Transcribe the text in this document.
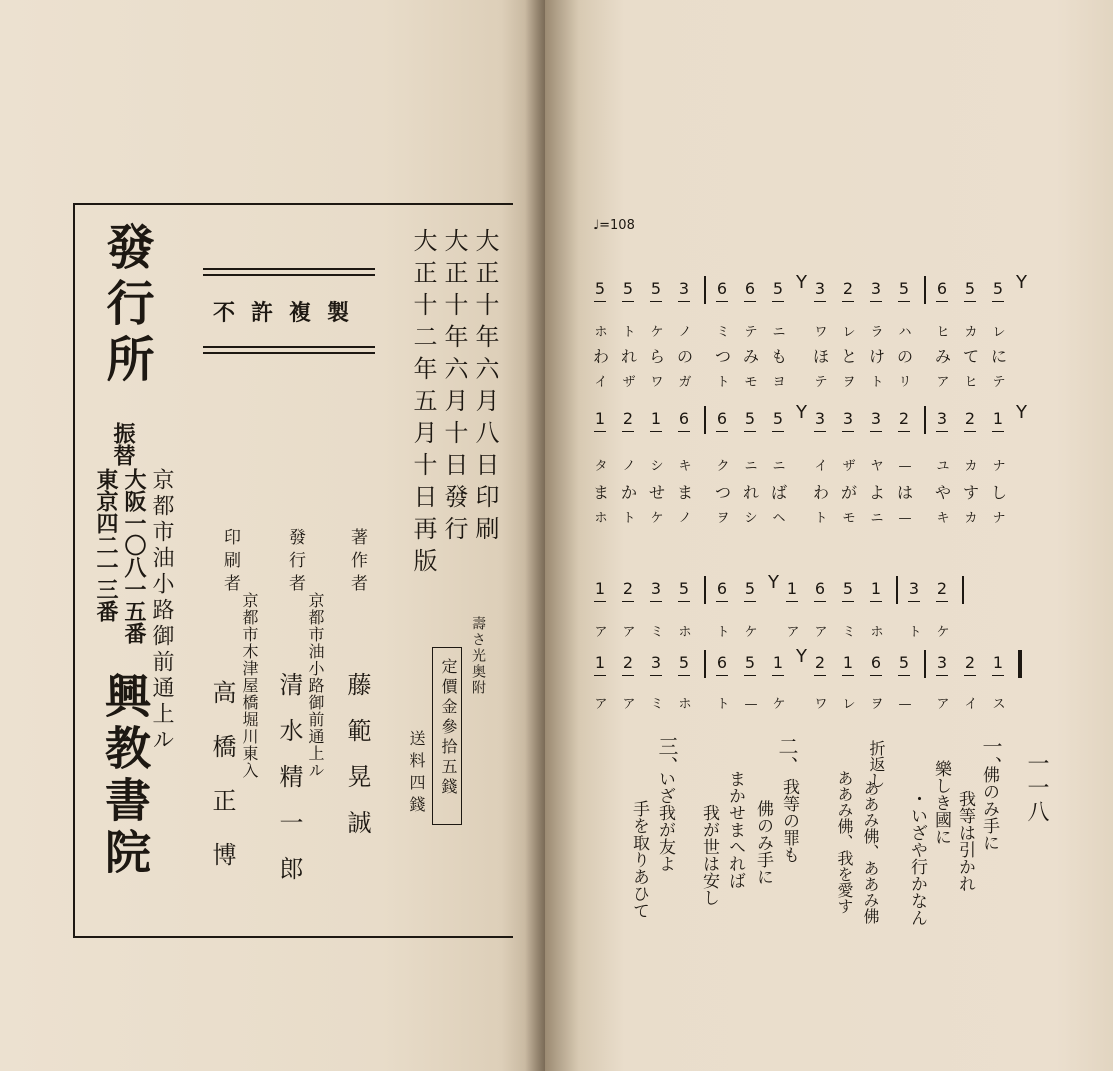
大正十年六月八日印刷
大正十年六月十日發行
大正十二年五月十日再版
不許複製
著作者
藤範晃誠
發行者
京都市油小路御前通上ル
清水精一郎
印刷者
京都市木津屋橋堀川東入
高橋正博
壽さ光奥附
定價金參拾五錢
送料四錢
發行所
振替
大阪一〇八一五番
東京四二一三番	京都市油小路御前通上ル
興教書院
♩=108
一一八
一、
佛のみ手に
我等は引かれ
樂しき國に
・いざや行かなん
折返し
ああみ佛、ああみ佛
ああみ佛、我を愛す
二、
佛のみ手に 我等の罪も
まかせまへれば
我が世は安し
三、
いざ我が友よ
手を取りあひて
5	5	5	3	6	6	5 Y 3	2	3	5	6	5	5 Y
ホ	ト	ケ	ノ	ミ	テ	ニ	ワ	レ	ラ	ハ	ヒ	カ	レ
わ れ ら の つ み も ほ と け の み て に
イ	ザ	ワ	ガ	ト	モ	ヨ	テ	ヲ	ト	リ	ア	ヒ	テ
1	2	1	6	6	5	5 Y 3	3	3	2	3	2	1 Y
タ	ノ	シ	キ	ク	ニ	ニ	イ	ザ	ヤ	—	ユ	カ	ナ
ま か せ ま つ れ ば わ が よ は や す し
ホ	ト	ケ	ノ	ヲ	シ	ヘ	ト	モ	ニ	—	キ	カ	ナ
1	2	3	5	6	5 Y 1	6	5	1	3	2
ア	ア	ミ	ホ	ト	ケ	ア	ア	ミ	ホ	ト	ケ
1	2	3	5	6	5	1 Y 2	1	6	5	3	2	1
ア	ア	ミ	ホ	ト	—	ケ	ワ	レ	ヲ	—	ア	イ	ス
